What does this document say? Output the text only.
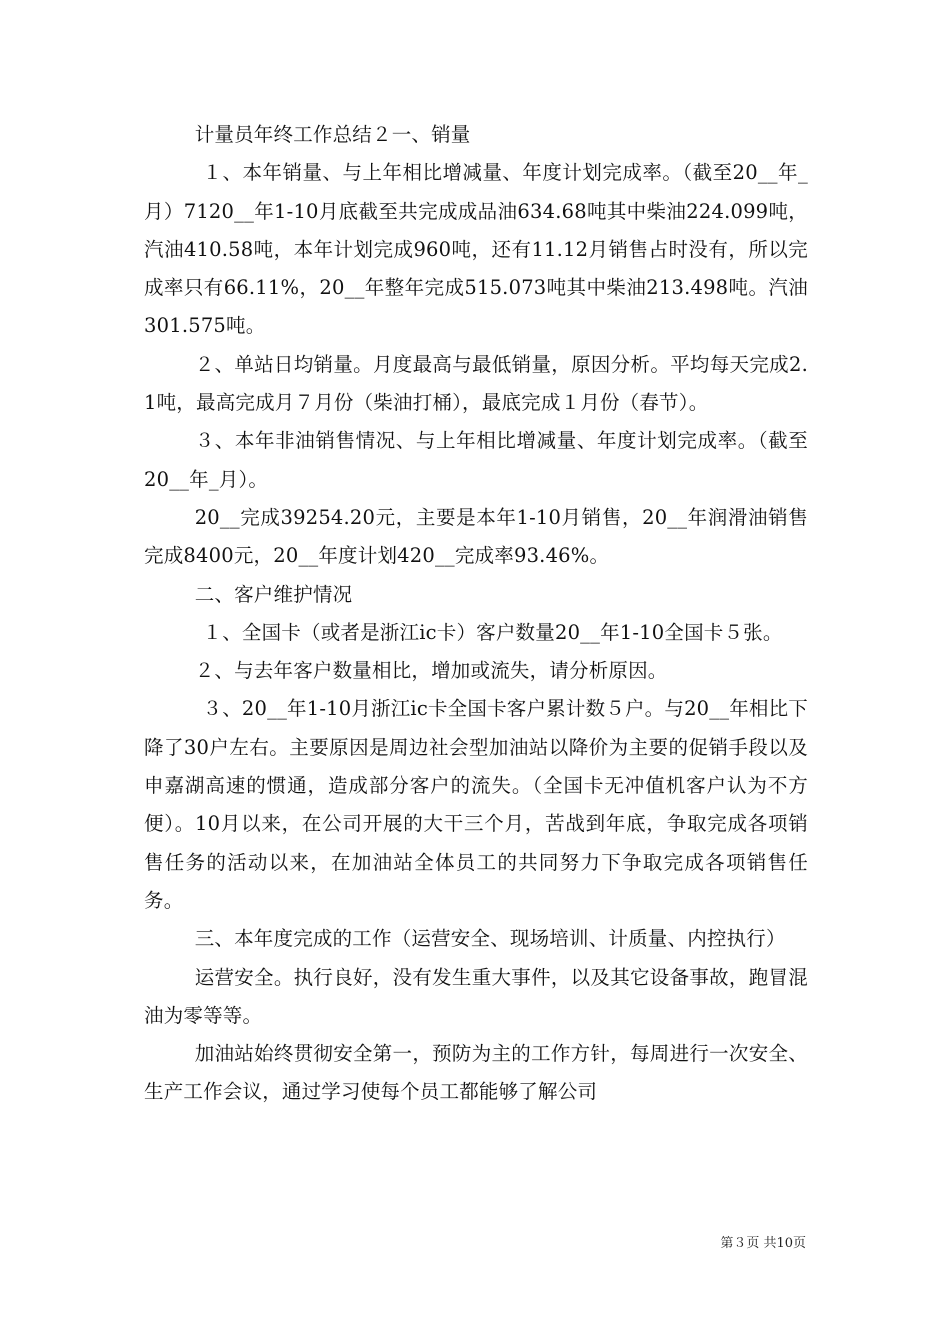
计量员年终工作总结２一、销量

１、本年销量、与上年相比增减量、年度计划完成率。（截至20__年_月）7120__年1-10月底截至共完成成品油634.68吨其中柴油224.099吨，汽油410.58吨，本年计划完成960吨，还有11.12月销售占时没有，所以完成率只有66.11%，20__年整年完成515.073吨其中柴油213.498吨。汽油301.575吨。

２、单站日均销量。月度最高与最低销量，原因分析。平均每天完成2.1吨，最高完成月７月份（柴油打桶），最底完成１月份（春节）。

３、本年非油销售情况、与上年相比增减量、年度计划完成率。（截至20__年_月）。

20__完成39254.20元，主要是本年1-10月销售，20__年润滑油销售完成8400元，20__年度计划420__完成率93.46%。

二、客户维护情况

１、全国卡（或者是浙江ic卡）客户数量20__年1-10全国卡５张。

２、与去年客户数量相比，增加或流失，请分析原因。

３、20__年1-10月浙江ic卡全国卡客户累计数５户。与20__年相比下降了30户左右。主要原因是周边社会型加油站以降价为主要的促销手段以及申嘉湖高速的惯通，造成部分客户的流失。（全国卡无冲值机客户认为不方便）。10月以来，在公司开展的大干三个月，苦战到年底，争取完成各项销售任务的活动以来，在加油站全体员工的共同努力下争取完成各项销售任务。

三、本年度完成的工作（运营安全、现场培训、计质量、内控执行）

运营安全。执行良好，没有发生重大事件，以及其它设备事故，跑冒混油为零等等。

加油站始终贯彻安全第一，预防为主的工作方针，每周进行一次安全、生产工作会议，通过学习使每个员工都能够了解公司

第３页 共10页
